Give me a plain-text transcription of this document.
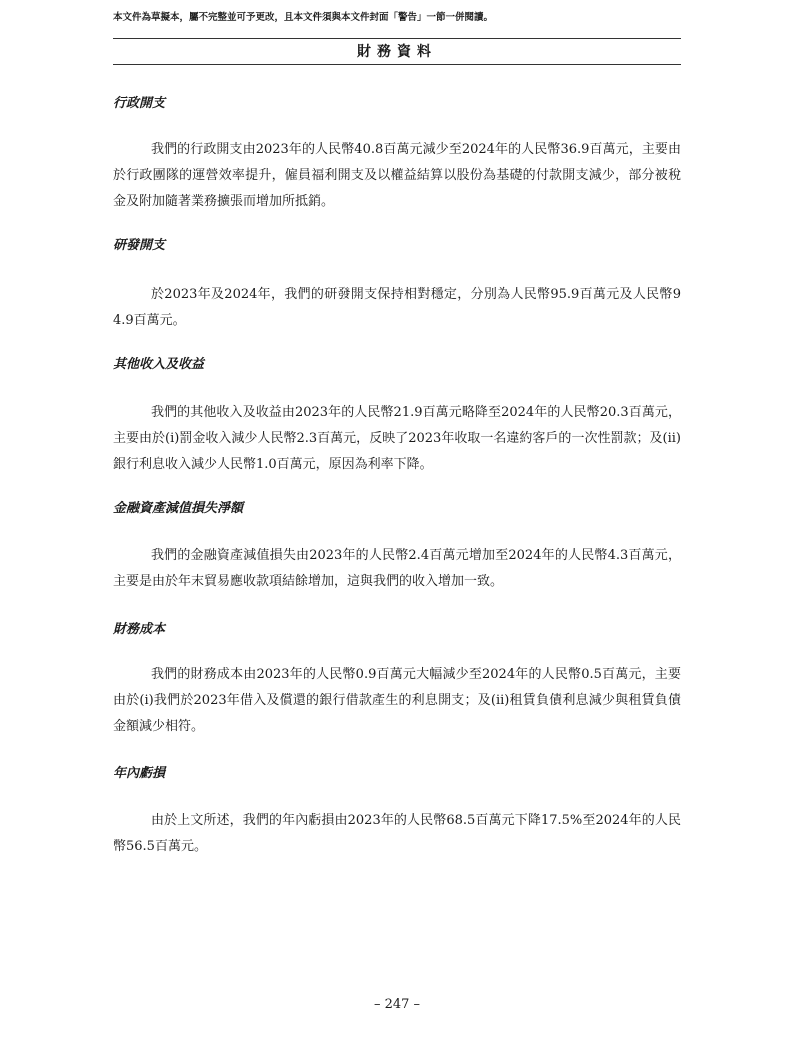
本文件為草擬本，屬不完整並可予更改，且本文件須與本文件封面「警告」一節一併閱讀。
財務資料
行政開支
我們的行政開支由2023年的人民幣40.8百萬元減少至2024年的人民幣36.9百萬元，主要由於行政團隊的運營效率提升，僱員福利開支及以權益結算以股份為基礎的付款開支減少，部分被稅金及附加隨著業務擴張而增加所抵銷。
研發開支
於2023年及2024年，我們的研發開支保持相對穩定，分別為人民幣95.9百萬元及人民幣94.9百萬元。
其他收入及收益
我們的其他收入及收益由2023年的人民幣21.9百萬元略降至2024年的人民幣20.3百萬元，主要由於(i)罰金收入減少人民幣2.3百萬元，反映了2023年收取一名違約客戶的一次性罰款；及(ii)銀行利息收入減少人民幣1.0百萬元，原因為利率下降。
金融資產減值損失淨額
我們的金融資產減值損失由2023年的人民幣2.4百萬元增加至2024年的人民幣4.3百萬元，主要是由於年末貿易應收款項結餘增加，這與我們的收入增加一致。
財務成本
我們的財務成本由2023年的人民幣0.9百萬元大幅減少至2024年的人民幣0.5百萬元，主要由於(i)我們於2023年借入及償還的銀行借款產生的利息開支；及(ii)租賃負債利息減少與租賃負債金額減少相符。
年內虧損
由於上文所述，我們的年內虧損由2023年的人民幣68.5百萬元下降17.5%至2024年的人民幣56.5百萬元。
– 247 –
